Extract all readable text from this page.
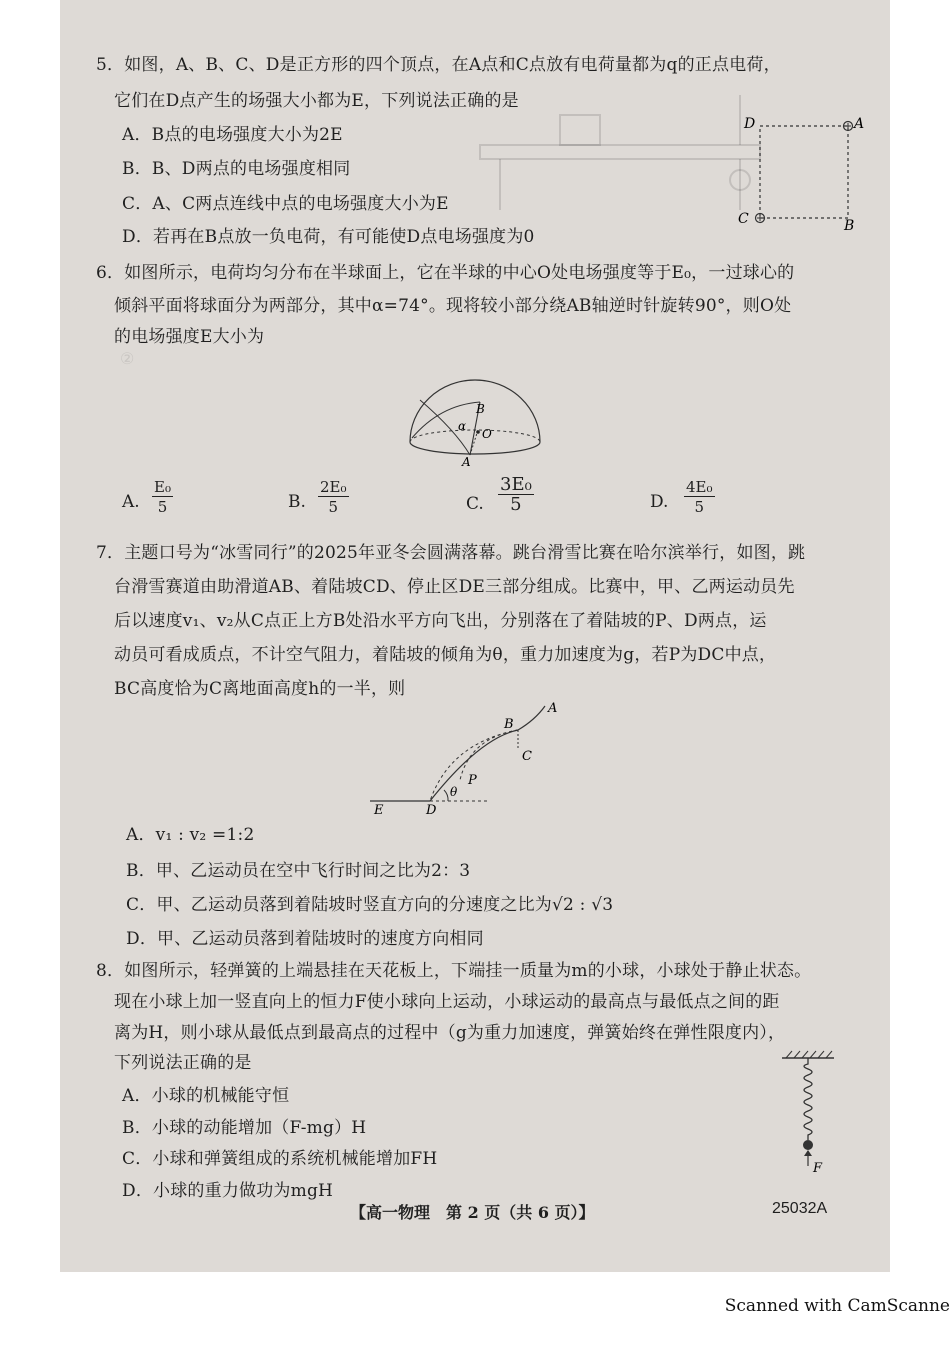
②　　　　　　　　　　　　　　　　　　　　　　
5．如图，A、B、C、D是正方形的四个顶点，在A点和C点放有电荷量都为q的正点电荷，
它们在D点产生的场强大小都为E，下列说法正确的是
A．B点的电场强度大小为2E
B．B、D两点的电场强度相同
C．A、C两点连线中点的电场强度大小为E
D．若再在B点放一负电荷，有可能使D点电场强度为0
D	A
C	B
6．如图所示，电荷均匀分布在半球面上，它在半球的中心O处电场强度等于E₀，一过球心的
倾斜平面将球面分为两部分，其中α=74°。现将较小部分绕AB轴逆时针旋转90°，则O处
的电场强度E大小为
B
α
O
A
A. $\frac{\text{E₀}}{5}$	B. $\frac{\text{2E₀}}{5}$	C. $\frac{\text{3E₀}}{5}$	D. $\frac{\text{4E₀}}{5}$
7．主题口号为“冰雪同行”的2025年亚冬会圆满落幕。跳台滑雪比赛在哈尔滨举行，如图，跳
台滑雪赛道由助滑道AB、着陆坡CD、停止区DE三部分组成。比赛中，甲、乙两运动员先
后以速度v₁、v₂从C点正上方B处沿水平方向飞出，分别落在了着陆坡的P、D两点，运
动员可看成质点，不计空气阻力，着陆坡的倾角为θ，重力加速度为g，若P为DC中点，
BC高度恰为C离地面高度h的一半，则
A
B
C
P
θ
E	D
A．v₁ : v₂ =1:2
B．甲、乙运动员在空中飞行时间之比为2：3
C．甲、乙运动员落到着陆坡时竖直方向的分速度之比为√2 : √3
D．甲、乙运动员落到着陆坡时的速度方向相同
8．如图所示，轻弹簧的上端悬挂在天花板上，下端挂一质量为m的小球，小球处于静止状态。
现在小球上加一竖直向上的恒力F使小球向上运动，小球运动的最高点与最低点之间的距
离为H，则小球从最低点到最高点的过程中（g为重力加速度，弹簧始终在弹性限度内），
下列说法正确的是
A．小球的机械能守恒
B．小球的动能增加（F-mg）H
C．小球和弹簧组成的系统机械能增加FH
D．小球的重力做功为mgH
F
【高一物理　第 2 页（共 6 页）】	25032A
Scanned with CamScanne
